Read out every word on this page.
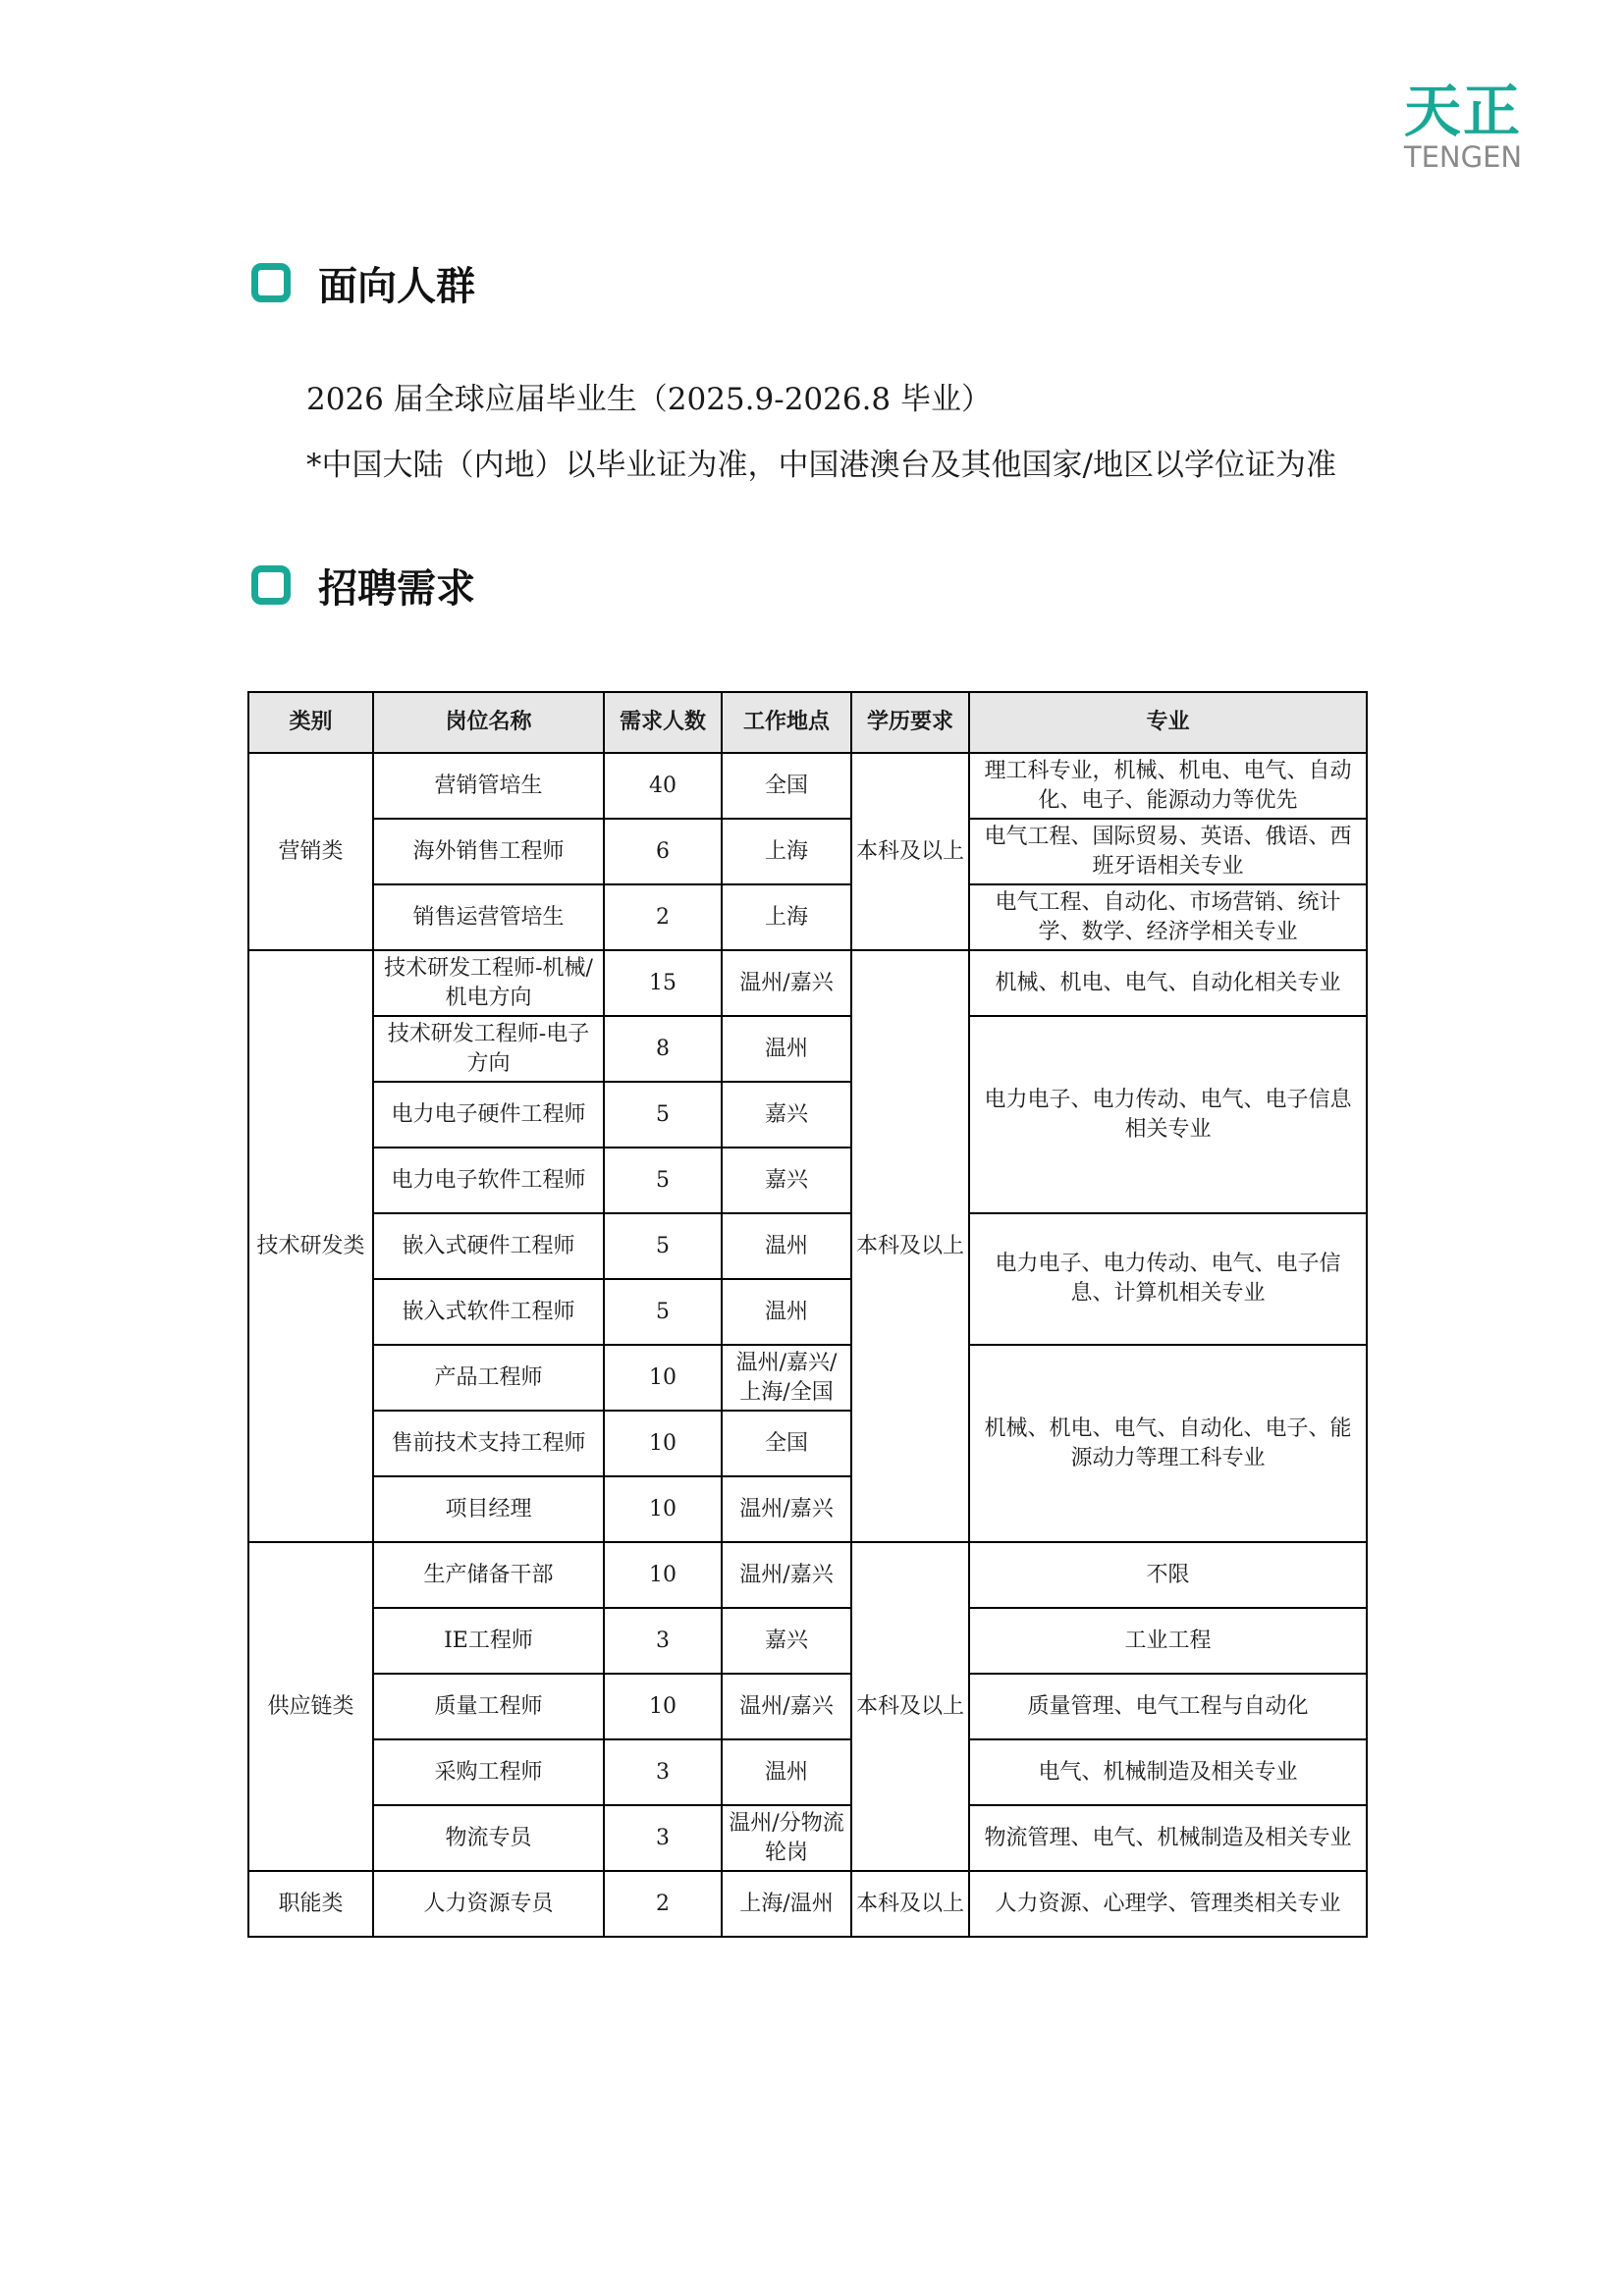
天正
TENGEN
面向人群
2026 届全球应届毕业生（2025.9-2026.8 毕业）
*中国大陆（内地）以毕业证为准，中国港澳台及其他国家/地区以学位证为准
招聘需求
类别	岗位名称	需求人数	工作地点	学历要求	专业
营销类	营销管培生	40	全国	本科及以上	理工科专业，机械、机电、电气、自动化、电子、能源动力等优先
	海外销售工程师	6	上海		电气工程、国际贸易、英语、俄语、西班牙语相关专业
	销售运营管培生	2	上海		电气工程、自动化、市场营销、统计学、数学、经济学相关专业
技术研发类	技术研发工程师-机械/机电方向	15	温州/嘉兴	本科及以上	机械、机电、电气、自动化相关专业
	技术研发工程师-电子方向	8	温州		电力电子、电力传动、电气、电子信息相关专业
	电力电子硬件工程师	5	嘉兴		
	电力电子软件工程师	5	嘉兴		
	嵌入式硬件工程师	5	温州		电力电子、电力传动、电气、电子信息、计算机相关专业
	嵌入式软件工程师	5	温州		
	产品工程师	10	温州/嘉兴/上海/全国		机械、机电、电气、自动化、电子、能源动力等理工科专业
	售前技术支持工程师	10	全国		
	项目经理	10	温州/嘉兴		
供应链类	生产储备干部	10	温州/嘉兴	本科及以上	不限
	IE工程师	3	嘉兴		工业工程
	质量工程师	10	温州/嘉兴		质量管理、电气工程与自动化
	采购工程师	3	温州		电气、机械制造及相关专业
	物流专员	3	温州/分物流轮岗		物流管理、电气、机械制造及相关专业
职能类	人力资源专员	2	上海/温州	本科及以上	人力资源、心理学、管理类相关专业
